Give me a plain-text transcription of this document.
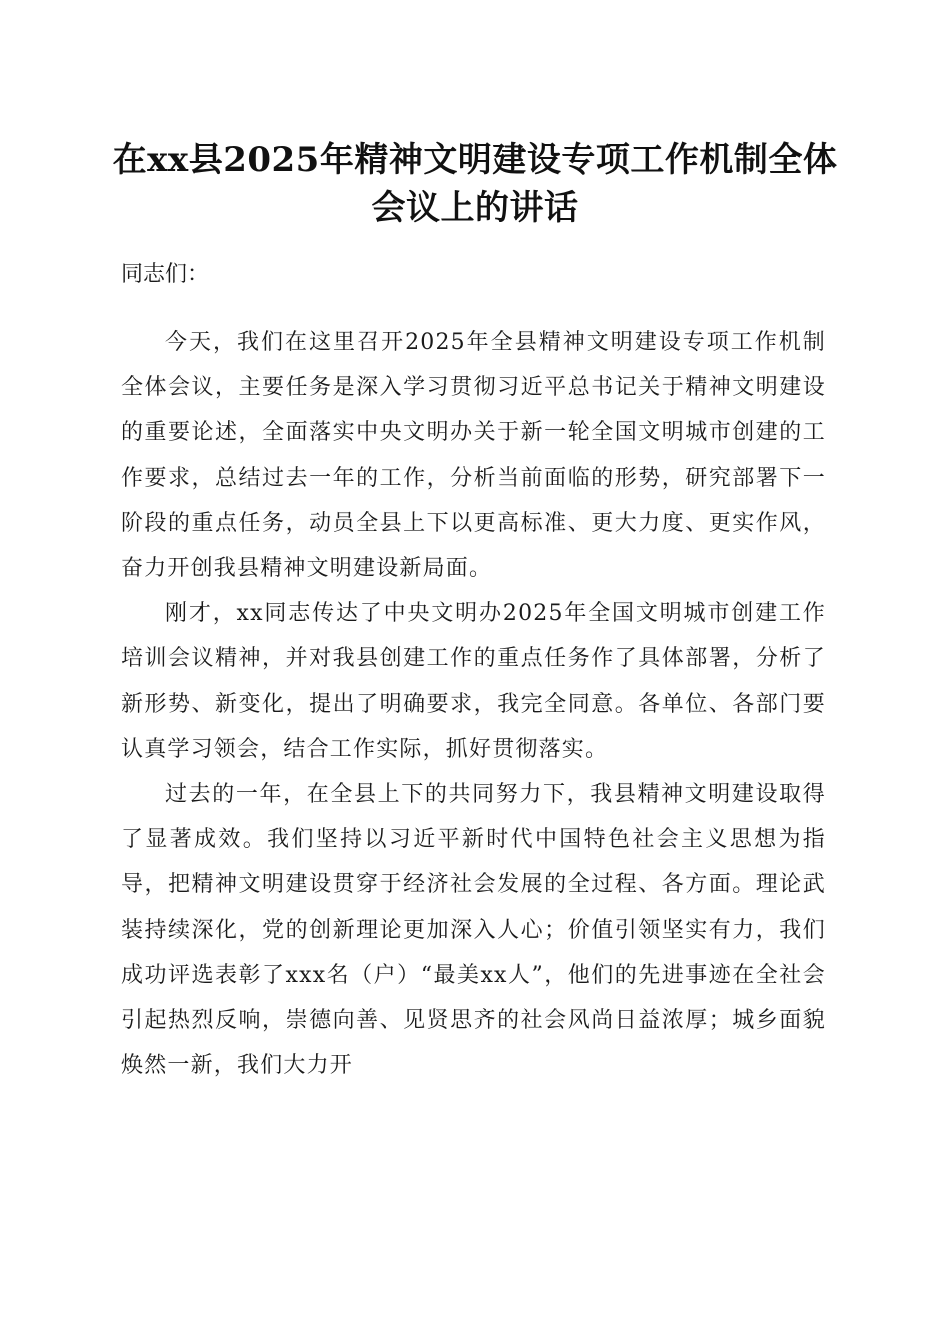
在xx县2025年精神文明建设专项工作机制全体会议上的讲话

同志们：

今天，我们在这里召开2025年全县精神文明建设专项工作机制全体会议，主要任务是深入学习贯彻习近平总书记关于精神文明建设的重要论述，全面落实中央文明办关于新一轮全国文明城市创建的工作要求，总结过去一年的工作，分析当前面临的形势，研究部署下一阶段的重点任务，动员全县上下以更高标准、更大力度、更实作风，奋力开创我县精神文明建设新局面。

刚才，xx同志传达了中央文明办2025年全国文明城市创建工作培训会议精神，并对我县创建工作的重点任务作了具体部署，分析了新形势、新变化，提出了明确要求，我完全同意。各单位、各部门要认真学习领会，结合工作实际，抓好贯彻落实。

过去的一年，在全县上下的共同努力下，我县精神文明建设取得了显著成效。我们坚持以习近平新时代中国特色社会主义思想为指导，把精神文明建设贯穿于经济社会发展的全过程、各方面。理论武装持续深化，党的创新理论更加深入人心；价值引领坚实有力，我们成功评选表彰了xxx名（户）“最美xx人”，他们的先进事迹在全社会引起热烈反响，崇德向善、见贤思齐的社会风尚日益浓厚；城乡面貌焕然一新，我们大力开
